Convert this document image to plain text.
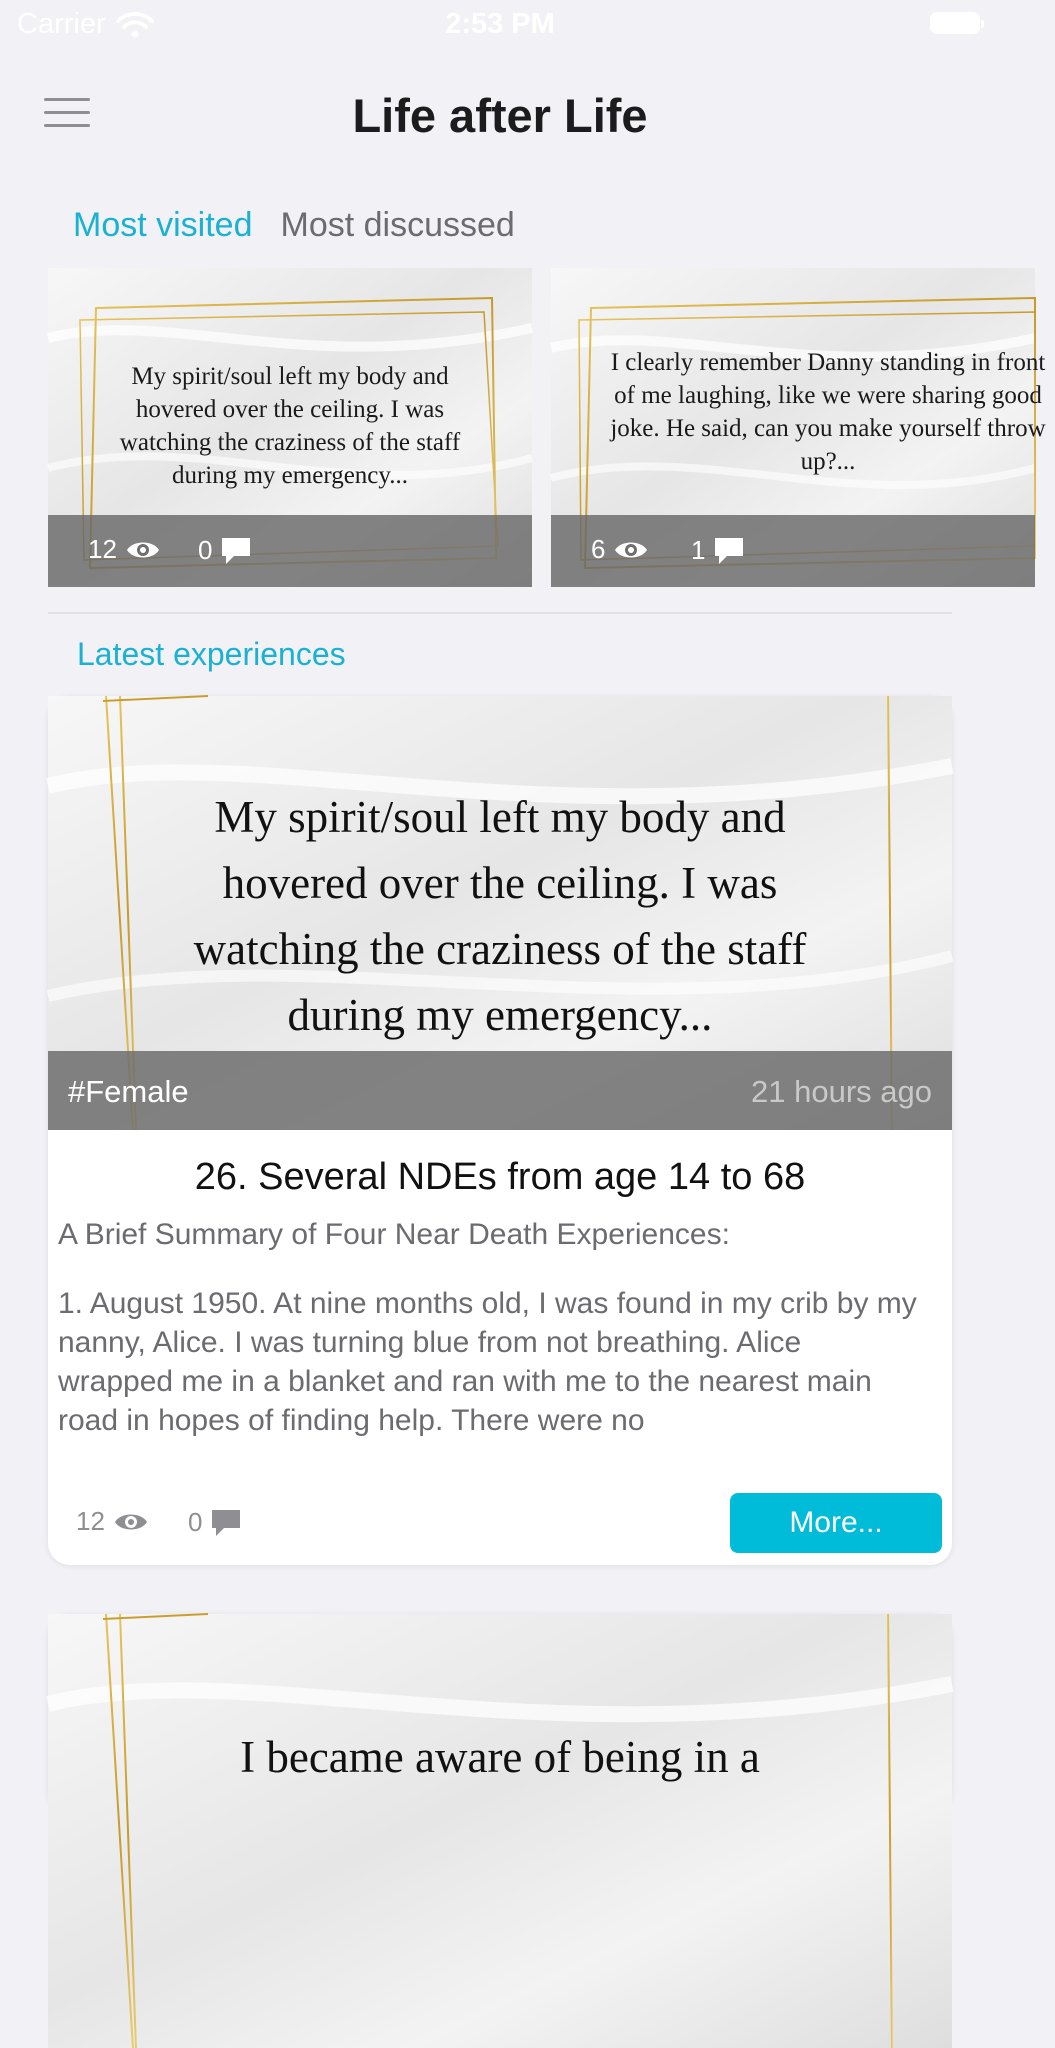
Carrier	2:53 PM
Life after Life
Most visited Most discussed
My spirit/soul left my body and hovered over the ceiling. I was watching the craziness of the staff during my emergency...
12	0
I clearly remember Danny standing in front of me laughing, like we were sharing good joke. He said, can you make yourself throw up?...
6	1
Latest experiences
My spirit/soul left my body and hovered over the ceiling. I was watching the craziness of the staff during my emergency...
#Female	21 hours ago
26. Several NDEs from age 14 to 68
A Brief Summary of Four Near Death Experiences:
1. August 1950. At nine months old, I was found in my crib by my nanny, Alice. I was turning blue from not breathing. Alice wrapped me in a blanket and ran with me to the nearest main road in hopes of finding help. There were no
12	0	More...
I became aware of being in a
